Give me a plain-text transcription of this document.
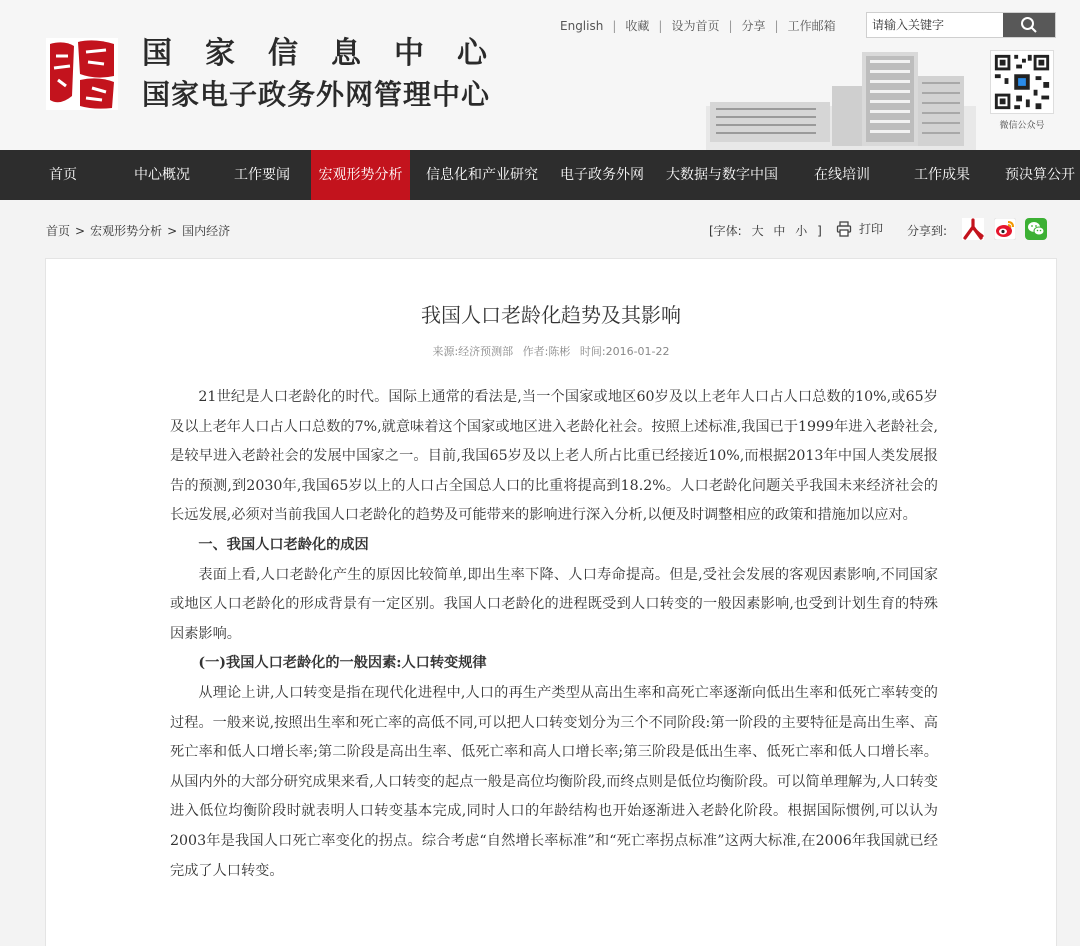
国家信息中心
国家电子政务外网管理中心
English | 收藏 | 设为首页 | 分享 | 工作邮箱
请输入关键字
微信公众号
首页	中心概况	工作要闻	宏观形势分析	信息化和产业研究	电子政务外网	大数据与数字中国	在线培训	工作成果	预决算公开
首页 > 宏观形势分析 > 国内经济	[字体: 大 中 小 ]	打印 分享到:
我国人口老龄化趋势及其影响
来源:经济预测部 作者:陈彬 时间:2016-01-22

21世纪是人口老龄化的时代。国际上通常的看法是,当一个国家或地区60岁及以上老年人口占人口总数的10%,或65岁及以上老年人口占人口总数的7%,就意味着这个国家或地区进入老龄化社会。按照上述标准,我国已于1999年进入老龄社会,是较早进入老龄社会的发展中国家之一。目前,我国65岁及以上老人所占比重已经接近10%,而根据2013年中国人类发展报告的预测,到2030年,我国65岁以上的人口占全国总人口的比重将提高到18.2%。人口老龄化问题关乎我国未来经济社会的长远发展,必须对当前我国人口老龄化的趋势及可能带来的影响进行深入分析,以便及时调整相应的政策和措施加以应对。

一、我国人口老龄化的成因

表面上看,人口老龄化产生的原因比较简单,即出生率下降、人口寿命提高。但是,受社会发展的客观因素影响,不同国家或地区人口老龄化的形成背景有一定区别。我国人口老龄化的进程既受到人口转变的一般因素影响,也受到计划生育的特殊因素影响。

(一)我国人口老龄化的一般因素:人口转变规律

从理论上讲,人口转变是指在现代化进程中,人口的再生产类型从高出生率和高死亡率逐渐向低出生率和低死亡率转变的过程。一般来说,按照出生率和死亡率的高低不同,可以把人口转变划分为三个不同阶段:第一阶段的主要特征是高出生率、高死亡率和低人口增长率;第二阶段是高出生率、低死亡率和高人口增长率;第三阶段是低出生率、低死亡率和低人口增长率。从国内外的大部分研究成果来看,人口转变的起点一般是高位均衡阶段,而终点则是低位均衡阶段。可以简单理解为,人口转变进入低位均衡阶段时就表明人口转变基本完成,同时人口的年龄结构也开始逐渐进入老龄化阶段。根据国际惯例,可以认为2003年是我国人口死亡率变化的拐点。综合考虑“自然增长率标准”和“死亡率拐点标准”这两大标准,在2006年我国就已经完成了人口转变。
